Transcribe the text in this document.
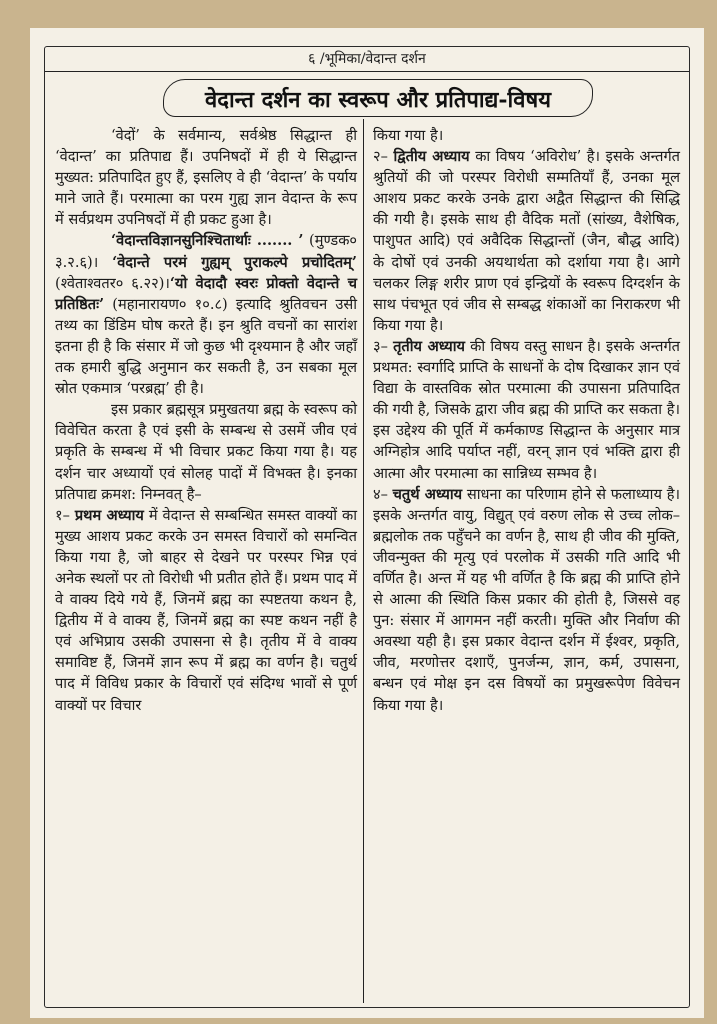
६ /भूमिका/वेदान्त दर्शन
वेदान्त दर्शन का स्वरूप और प्रतिपाद्य-विषय

‘वेदों’ के सर्वमान्य, सर्वश्रेष्ठ सिद्धान्त ही ‘वेदान्त’ का प्रतिपाद्य हैं। उपनिषदों में ही ये सिद्धान्त मुख्यत: प्रतिपादित हुए हैं, इसलिए वे ही ‘वेदान्त’ के पर्याय माने जाते हैं। परमात्मा का परम गुह्य ज्ञान वेदान्त के रूप में सर्वप्रथम उपनिषदों में ही प्रकट हुआ है।

‘वेदान्तविज्ञानसुनिश्चितार्थाः ....... ’ (मुण्डक० ३.२.६)। ‘वेदान्ते परमं गुह्यम् पुराकल्पे प्रचोदितम्’ (श्वेताश्वतर० ६.२२)।‘यो वेदादौ स्वरः प्रोक्तो वेदान्ते च प्रतिष्ठितः’ (महानारायण० १०.८) इत्यादि श्रुतिवचन उसी तथ्य का डिंडिम घोष करते हैं। इन श्रुति वचनों का सारांश इतना ही है कि संसार में जो कुछ भी दृश्यमान है और जहाँ तक हमारी बुद्धि अनुमान कर सकती है, उन सबका मूल स्रोत एकमात्र ‘परब्रह्म’ ही है।

इस प्रकार ब्रह्मसूत्र प्रमुखतया ब्रह्म के स्वरूप को विवेचित करता है एवं इसी के सम्बन्ध से उसमें जीव एवं प्रकृति के सम्बन्ध में भी विचार प्रकट किया गया है। यह दर्शन चार अध्यायों एवं सोलह पादों में विभक्त है। इनका प्रतिपाद्य क्रमश: निम्नवत् है–

१– प्रथम अध्याय में वेदान्त से सम्बन्धित समस्त वाक्यों का मुख्य आशय प्रकट करके उन समस्त विचारों को समन्वित किया गया है, जो बाहर से देखने पर परस्पर भिन्न एवं अनेक स्थलों पर तो विरोधी भी प्रतीत होते हैं। प्रथम पाद में वे वाक्य दिये गये हैं, जिनमें ब्रह्म का स्पष्टतया कथन है, द्वितीय में वे वाक्य हैं, जिनमें ब्रह्म का स्पष्ट कथन नहीं है एवं अभिप्राय उसकी उपासना से है। तृतीय में वे वाक्य समाविष्ट हैं, जिनमें ज्ञान रूप में ब्रह्म का वर्णन है। चतुर्थ पाद में विविध प्रकार के विचारों एवं संदिग्ध भावों से पूर्ण वाक्यों पर विचार

किया गया है।

२– द्वितीय अध्याय का विषय ‘अविरोध’ है। इसके अन्तर्गत श्रुतियों की जो परस्पर विरोधी सम्मतियाँ हैं, उनका मूल आशय प्रकट करके उनके द्वारा अद्वैत सिद्धान्त की सिद्धि की गयी है। इसके साथ ही वैदिक मतों (सांख्य, वैशेषिक, पाशुपत आदि) एवं अवैदिक सिद्धान्तों (जैन, बौद्ध आदि) के दोषों एवं उनकी अयथार्थता को दर्शाया गया है। आगे चलकर लिङ्ग शरीर प्राण एवं इन्द्रियों के स्वरूप दिग्दर्शन के साथ पंचभूत एवं जीव से सम्बद्ध शंकाओं का निराकरण भी किया गया है।

३– तृतीय अध्याय की विषय वस्तु साधन है। इसके अन्तर्गत प्रथमत: स्वर्गादि प्राप्ति के साधनों के दोष दिखाकर ज्ञान एवं विद्या के वास्तविक स्रोत परमात्मा की उपासना प्रतिपादित की गयी है, जिसके द्वारा जीव ब्रह्म की प्राप्ति कर सकता है। इस उद्देश्य की पूर्ति में कर्मकाण्ड सिद्धान्त के अनुसार मात्र अग्निहोत्र आदि पर्याप्त नहीं, वरन् ज्ञान एवं भक्ति द्वारा ही आत्मा और परमात्मा का सान्निध्य सम्भव है।

४– चतुर्थ अध्याय साधना का परिणाम होने से फलाध्याय है। इसके अन्तर्गत वायु, विद्युत् एवं वरुण लोक से उच्च लोक–ब्रह्मलोक तक पहुँचने का वर्णन है, साथ ही जीव की मुक्ति, जीवन्मुक्त की मृत्यु एवं परलोक में उसकी गति आदि भी वर्णित है। अन्त में यह भी वर्णित है कि ब्रह्म की प्राप्ति होने से आत्मा की स्थिति किस प्रकार की होती है, जिससे वह पुन: संसार में आगमन नहीं करती। मुक्ति और निर्वाण की अवस्था यही है। इस प्रकार वेदान्त दर्शन में ईश्वर, प्रकृति, जीव, मरणोत्तर दशाएँ, पुनर्जन्म, ज्ञान, कर्म, उपासना, बन्धन एवं मोक्ष इन दस विषयों का प्रमुखरूपेण विवेचन किया गया है।
